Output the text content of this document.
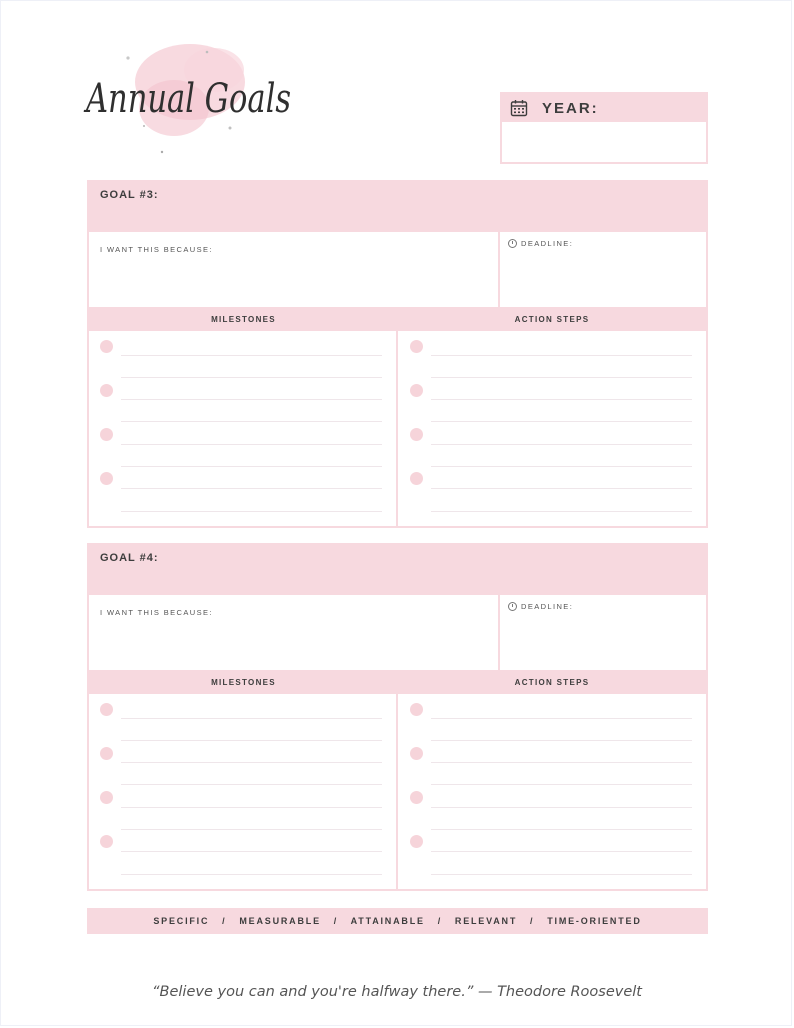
Annual Goals	YEAR:
GOAL #3:
I WANT THIS BECAUSE:
DEADLINE:
MILESTONES	ACTION STEPS
GOAL #4:
I WANT THIS BECAUSE:
DEADLINE:
MILESTONES	ACTION STEPS
SPECIFIC   /   MEASURABLE   /   ATTAINABLE   /   RELEVANT   /   TIME-ORIENTED
“Believe you can and you're halfway there.” — Theodore Roosevelt
